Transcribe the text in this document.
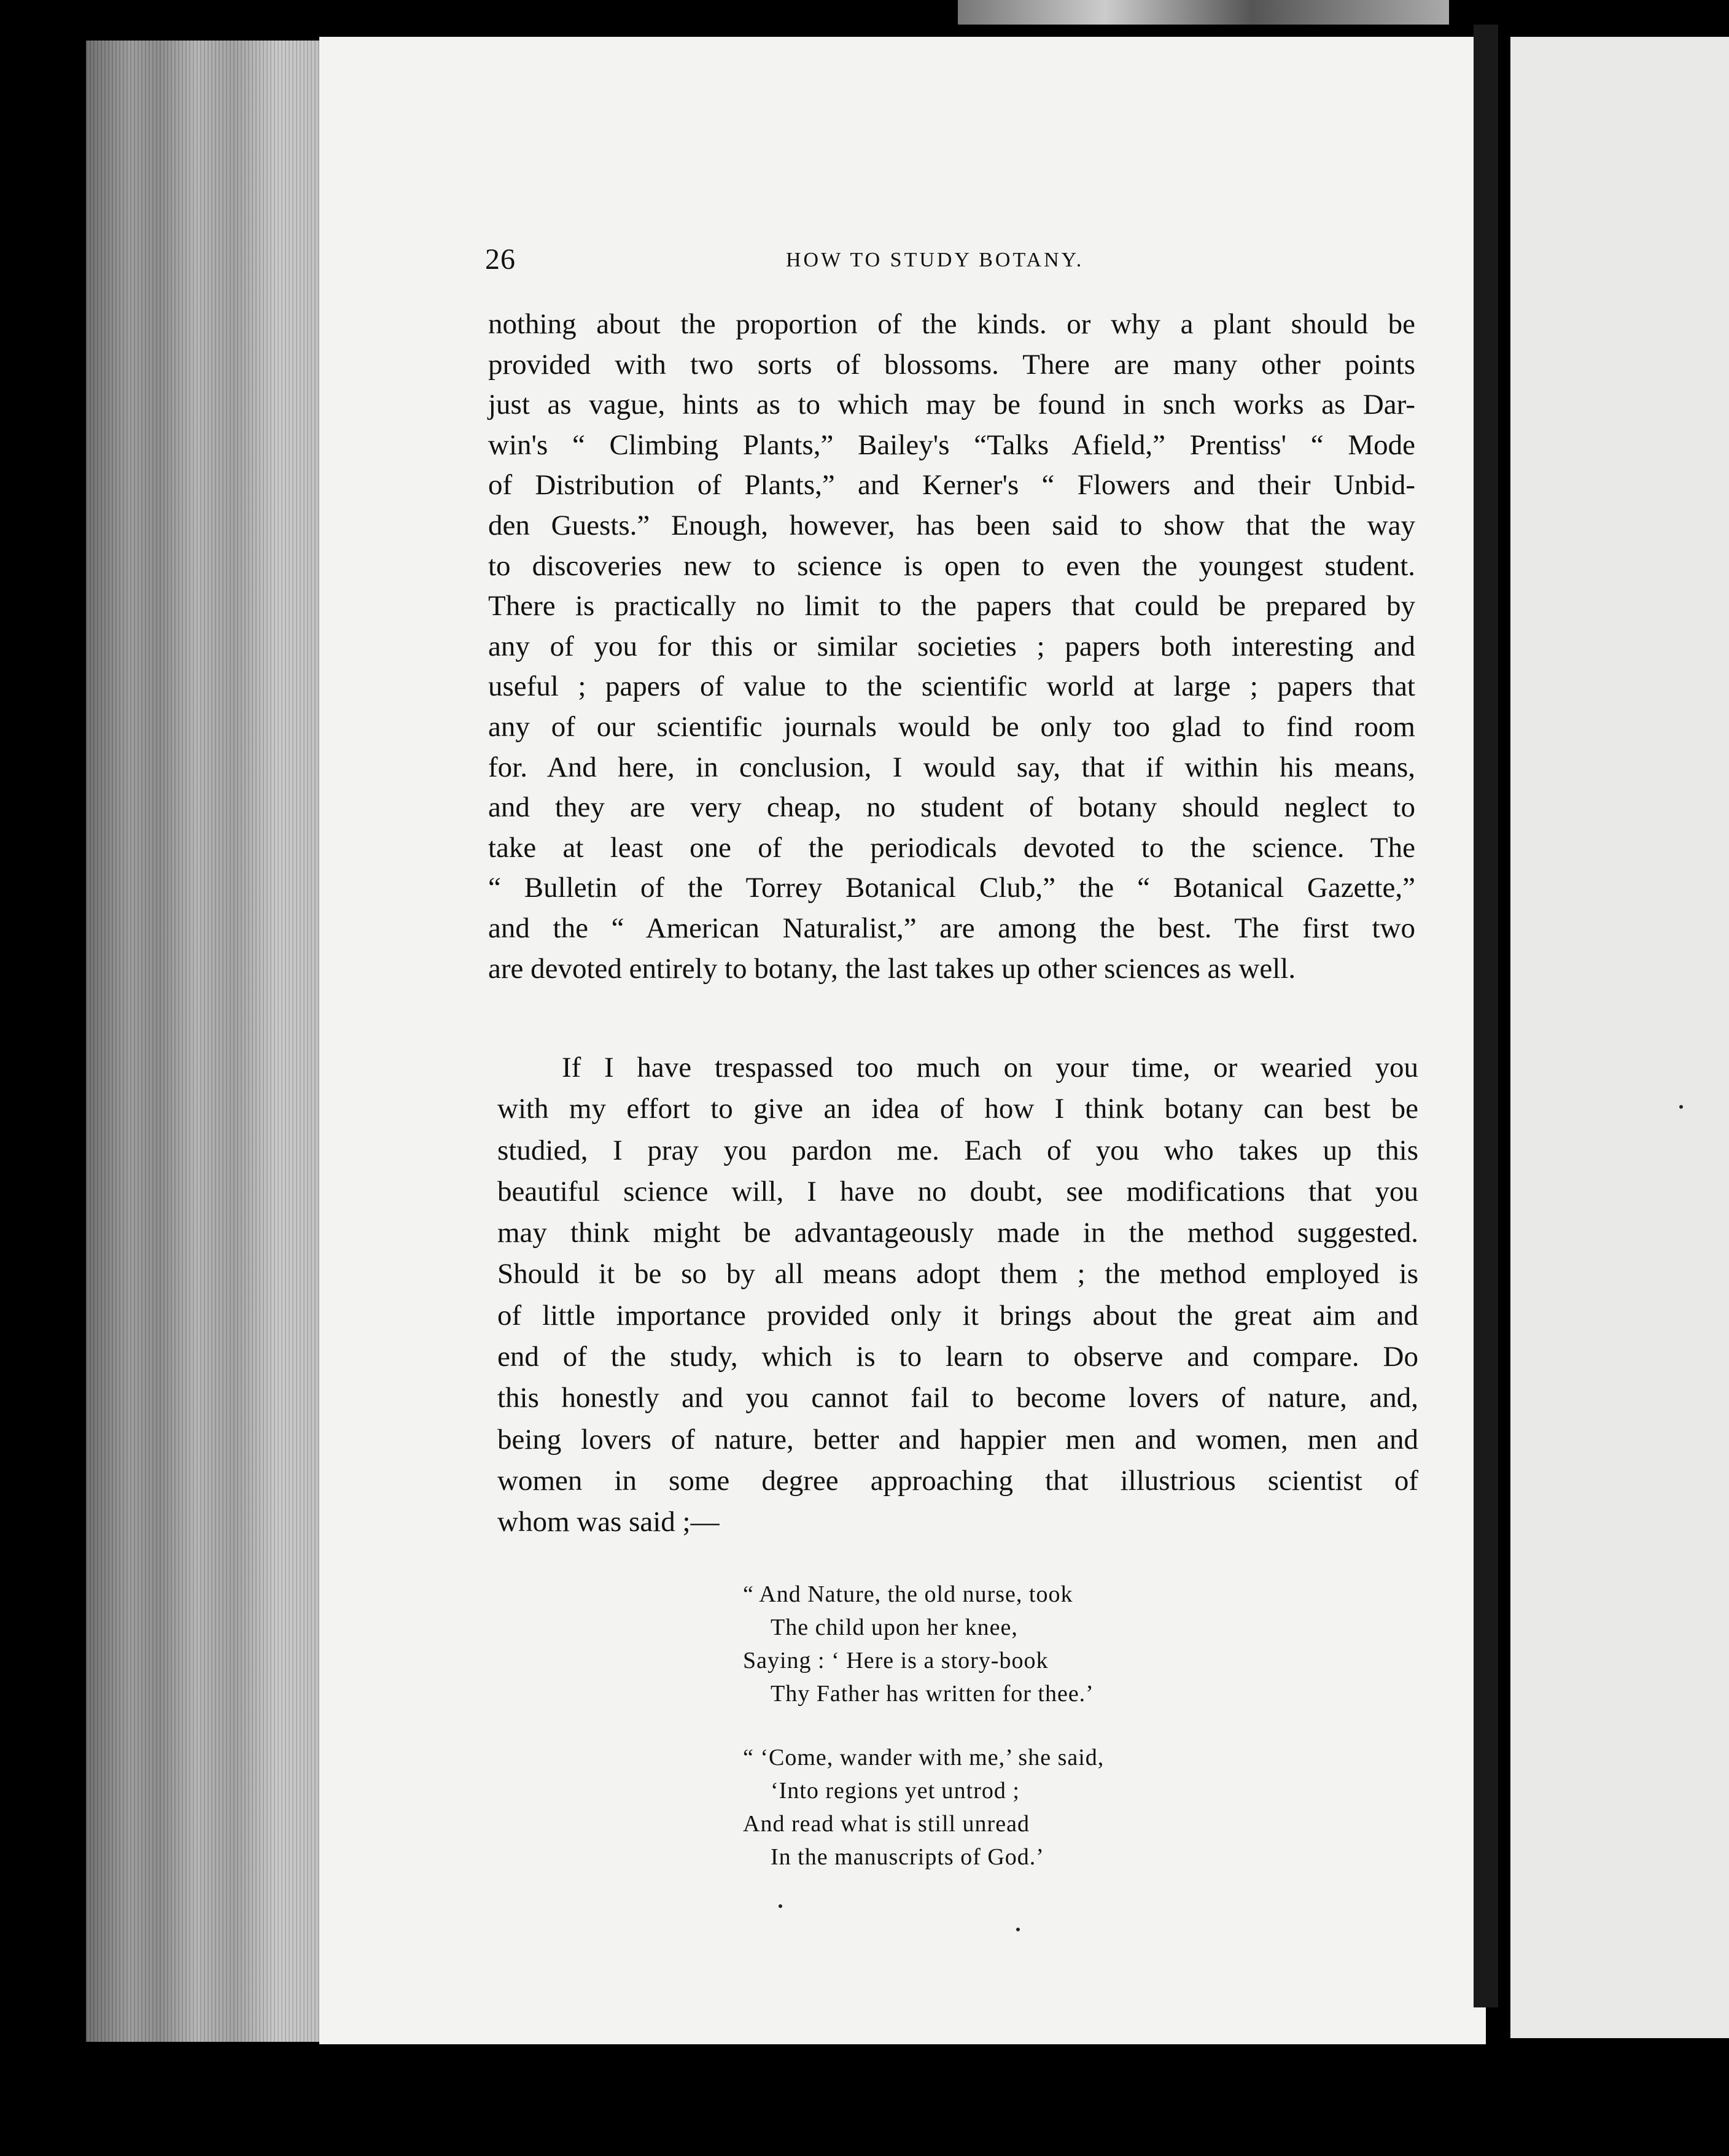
26	HOW TO STUDY BOTANY.
nothing about the proportion of the kinds. or why a plant should be
provided with two sorts of blossoms. There are many other points
just as vague, hints as to which may be found in snch works as Dar-
win's “ Climbing Plants,” Bailey's “Talks Afield,” Prentiss' “ Mode
of Distribution of Plants,” and Kerner's “ Flowers and their Unbid-
den Guests.” Enough, however, has been said to show that the way
to discoveries new to science is open to even the youngest student.
There is practically no limit to the papers that could be prepared by
any of you for this or similar societies ; papers both interesting and
useful ; papers of value to the scientific world at large ; papers that
any of our scientific journals would be only too glad to find room
for. And here, in conclusion, I would say, that if within his means,
and they are very cheap, no student of botany should neglect to
take at least one of the periodicals devoted to the science. The
“ Bulletin of the Torrey Botanical Club,” the “ Botanical Gazette,”
and the “ American Naturalist,” are among the best. The first two
are devoted entirely to botany, the last takes up other sciences as well.
If I have trespassed too much on your time, or wearied you
with my effort to give an idea of how I think botany can best be
studied, I pray you pardon me. Each of you who takes up this
beautiful science will, I have no doubt, see modifications that you
may think might be advantageously made in the method suggested.
Should it be so by all means adopt them ; the method employed is
of little importance provided only it brings about the great aim and
end of the study, which is to learn to observe and compare. Do
this honestly and you cannot fail to become lovers of nature, and,
being lovers of nature, better and happier men and women, men and
women in some degree approaching that illustrious scientist of
whom was said ;—
“ And Nature, the old nurse, took
The child upon her knee,
Saying : ‘ Here is a story-book
Thy Father has written for thee.’
“ ‘Come, wander with me,’ she said,
‘Into regions yet untrod ;
And read what is still unread
In the manuscripts of God.’
